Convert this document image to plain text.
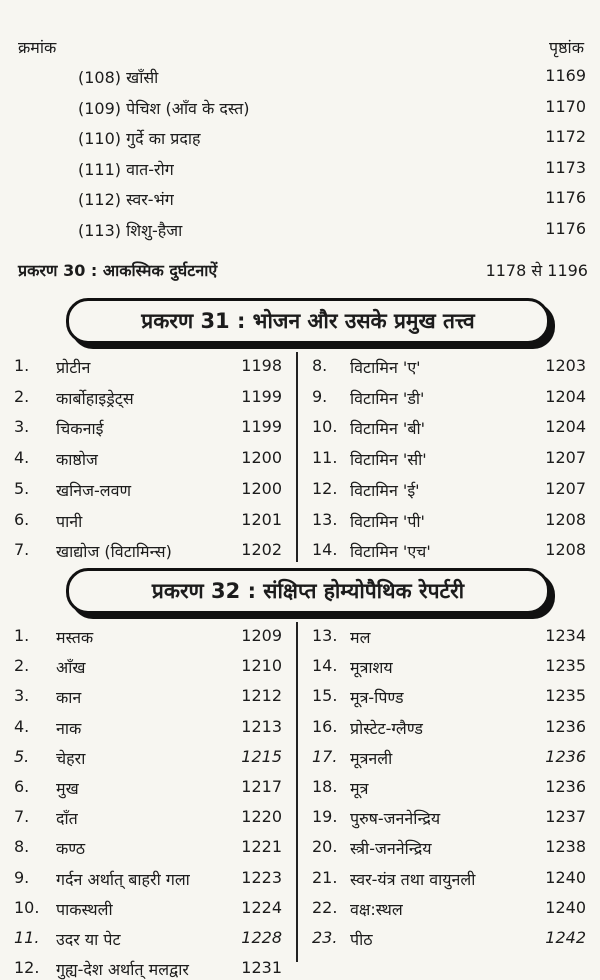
क्रमांक	पृष्ठांक
(108) खाँसी	1169
(109) पेचिश (आँव के दस्त)	1170
(110) गुर्दे का प्रदाह	1172
(111) वात-रोग	1173
(112) स्वर-भंग	1176
(113) शिशु-हैजा	1176
प्रकरण 30 : आकस्मिक दुर्घटनाऐं	1178 से 1196
प्रकरण 31 : भोजन और उसके प्रमुख तत्त्व
1. प्रोटीन	1198
2. कार्बोहाइड्रेट्स	1199
3. चिकनाई	1199
4. काष्ठोज	1200
5. खनिज-लवण	1200
6. पानी	1201
7. खाद्योज (विटामिन्स)	1202
8. विटामिन 'ए'	1203
9. विटामिन 'डी'	1204
10. विटामिन 'बी'	1204
11. विटामिन 'सी'	1207
12. विटामिन 'ई'	1207
13. विटामिन 'पी'	1208
14. विटामिन 'एच'	1208
प्रकरण 32 : संक्षिप्त होम्योपैथिक रेपर्टरी
1. मस्तक	1209
2. आँख	1210
3. कान	1212
4. नाक	1213
5. चेहरा	1215
6. मुख	1217
7. दाँत	1220
8. कण्ठ	1221
9. गर्दन अर्थात् बाहरी गला	1223
10. पाकस्थली	1224
11. उदर या पेट	1228
12. गुह्य-देश अर्थात् मलद्वार	1231
13. मल	1234
14. मूत्राशय	1235
15. मूत्र-पिण्ड	1235
16. प्रोस्टेट-ग्लैण्ड	1236
17. मूत्रनली	1236
18. मूत्र	1236
19. पुरुष-जननेन्द्रिय	1237
20. स्त्री-जननेन्द्रिय	1238
21. स्वर-यंत्र तथा वायुनली	1240
22. वक्ष:स्थल	1240
23. पीठ	1242
